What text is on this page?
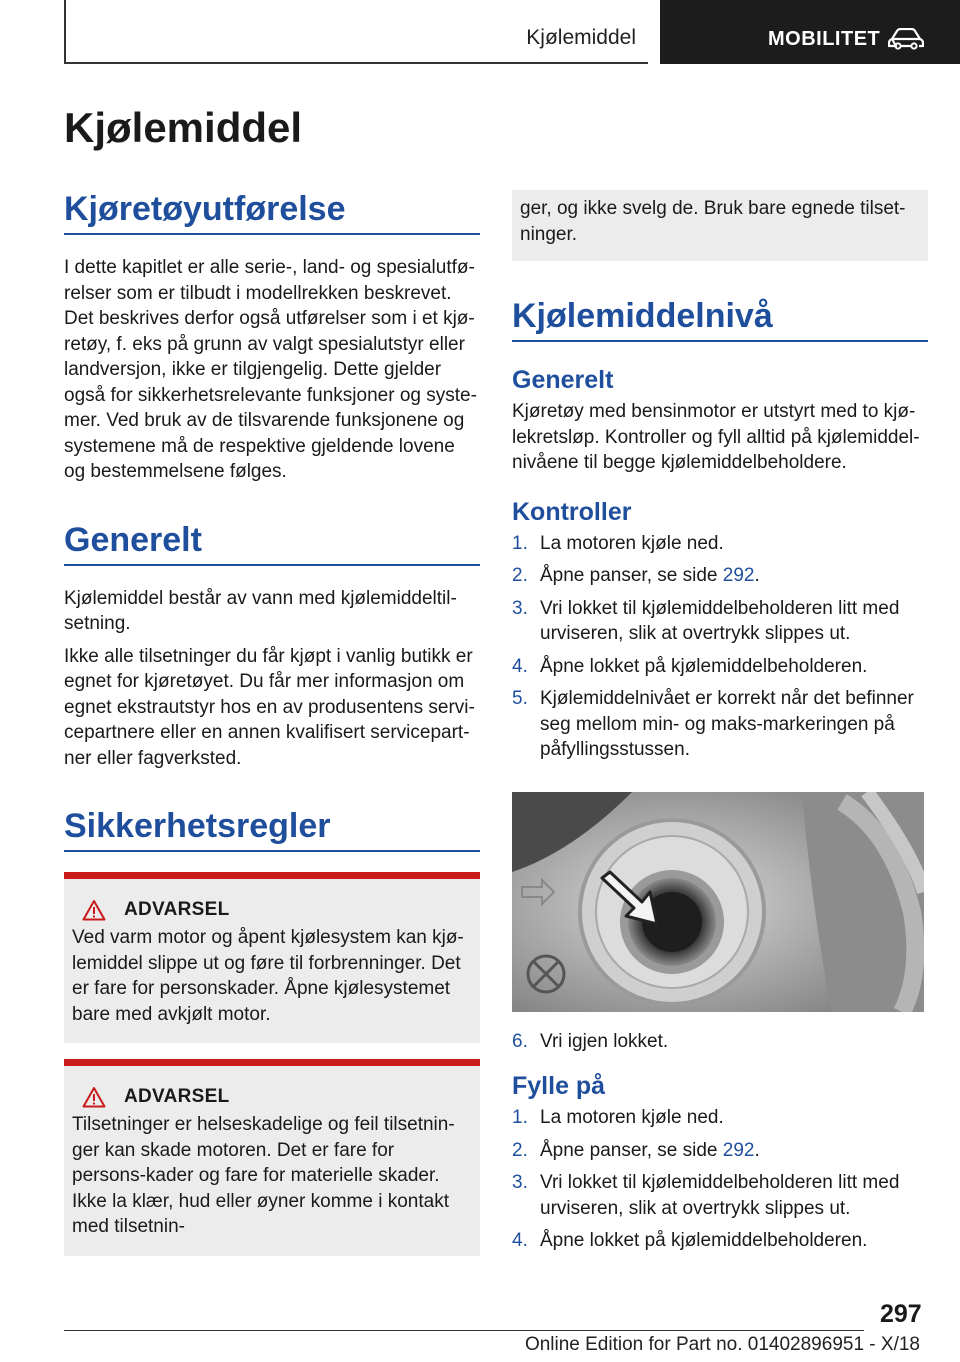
Kjølemiddel	MOBILITET
Kjølemiddel
Kjøretøyutførelse

I dette kapitlet er alle serie-, land- og spesialutfø-relser som er tilbudt i modellrekken beskrevet. Det beskrives derfor også utførelser som i et kjø-retøy, f. eks på grunn av valgt spesialutstyr eller landversjon, ikke er tilgjengelig. Dette gjelder også for sikkerhetsrelevante funksjoner og syste-mer. Ved bruk av de tilsvarende funksjonene og systemene må de respektive gjeldende lovene og bestemmelsene følges.

Generelt

Kjølemiddel består av vann med kjølemiddeltil-setning.

Ikke alle tilsetninger du får kjøpt i vanlig butikk er egnet for kjøretøyet. Du får mer informasjon om egnet ekstrautstyr hos en av produsentens servi-cepartnere eller en annen kvalifisert servicepart-ner eller fagverksted.

Sikkerhetsregler
ADVARSEL
Ved varm motor og åpent kjølesystem kan kjø-lemiddel slippe ut og føre til forbrenninger. Det er fare for personskader. Åpne kjølesystemet bare med avkjølt motor.
ADVARSEL
Tilsetninger er helseskadelige og feil tilsetnin-ger kan skade motoren. Det er fare for persons-kader og fare for materielle skader. Ikke la klær, hud eller øyner komme i kontakt med tilsetnin-

ger, og ikke svelg de. Bruk bare egnede tilset-ninger.

Kjølemiddelnivå
Generelt

Kjøretøy med bensinmotor er utstyrt med to kjø-lekretsløp. Kontroller og fyll alltid på kjølemiddel-nivåene til begge kjølemiddelbeholdere.

Kontroller
1. La motoren kjøle ned.
2. Åpne panser, se side 292.
3. Vri lokket til kjølemiddelbeholderen litt med urviseren, slik at overtrykk slippes ut.
4. Åpne lokket på kjølemiddelbeholderen.
5. Kjølemiddelnivået er korrekt når det befinner seg mellom min- og maks-markeringen på påfyllingsstussen.
6. Vri igjen lokket.
Fylle på
1. La motoren kjøle ned.
2. Åpne panser, se side 292.
3. Vri lokket til kjølemiddelbeholderen litt med urviseren, slik at overtrykk slippes ut.
4. Åpne lokket på kjølemiddelbeholderen.
297
Online Edition for Part no. 01402896951 - X/18
